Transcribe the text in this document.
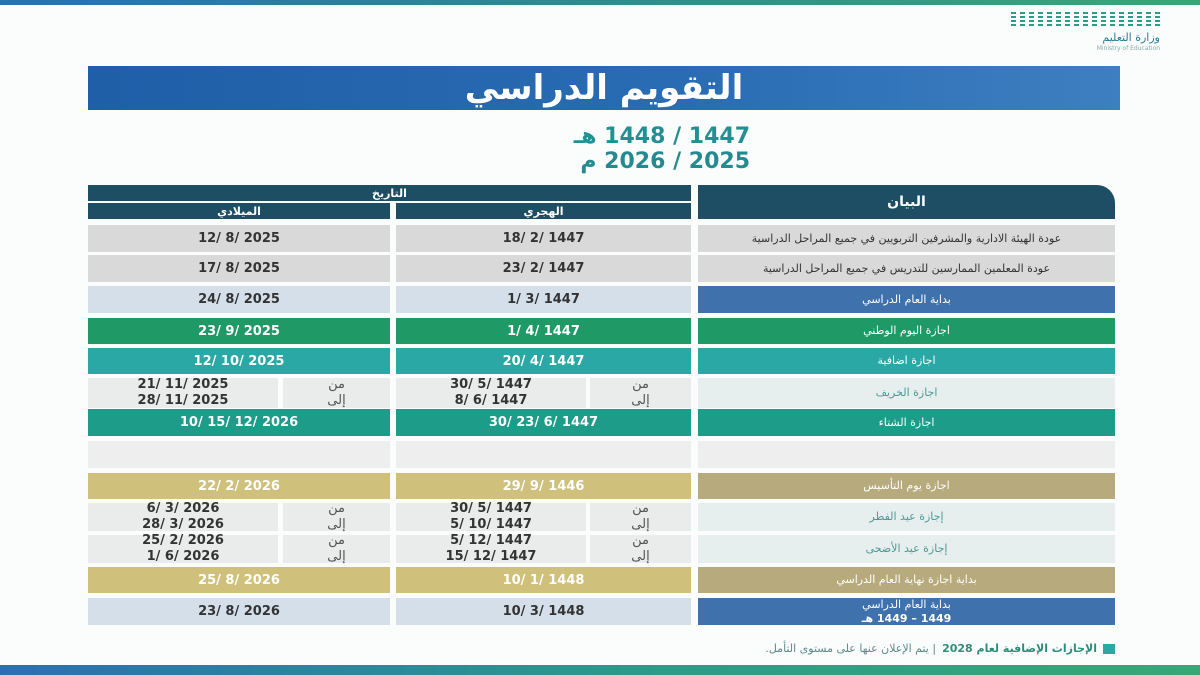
وزارة التعليم
Ministry of Education
التقويم الدراسي
1447 / 1448 هـ
2025 / 2026 م
البيان
التاريخ
الهجري
الميلادي
عودة الهيئة الادارية والمشرفين التربويين في جميع المراحل الدراسية
18/ 2/ 1447
12/ 8/ 2025
عودة المعلمين الممارسين للتدريس في جميع المراحل الدراسية
23/ 2/ 1447
17/ 8/ 2025
بداية العام الدراسي
1/ 3/ 1447
24/ 8/ 2025
اجازة اليوم الوطني
1/ 4/ 1447
23/ 9/ 2025
اجازة اضافية
20/ 4/ 1447
12/ 10/ 2025
اجازة الخريف
من
إلى
30/ 5/ 1447
8/ 6/ 1447
من
إلى
21/ 11/ 2025
28/ 11/ 2025
اجازة الشتاء
30/ 23/ 6/ 1447
10/ 15/ 12/ 2026
اجازة يوم التأسيس
29/ 9/ 1446
22/ 2/ 2026
إجازة عيد الفطر
من
إلى
30/ 5/ 1447
5/ 10/ 1447
من
إلى
6/ 3/ 2026
28/ 3/ 2026
إجازة عيد الأضحى
من
إلى
5/ 12/ 1447
15/ 12/ 1447
من
إلى
25/ 2/ 2026
1/ 6/ 2026
بداية اجازة نهاية العام الدراسي
10/ 1/ 1448
25/ 8/ 2026
بداية العام الدراسي
1449 – 1449 هـ
10/ 3/ 1448
23/ 8/ 2026
الإجازات الإضافية لعام 2028
| يتم الإعلان عنها على مستوى التأمل.
